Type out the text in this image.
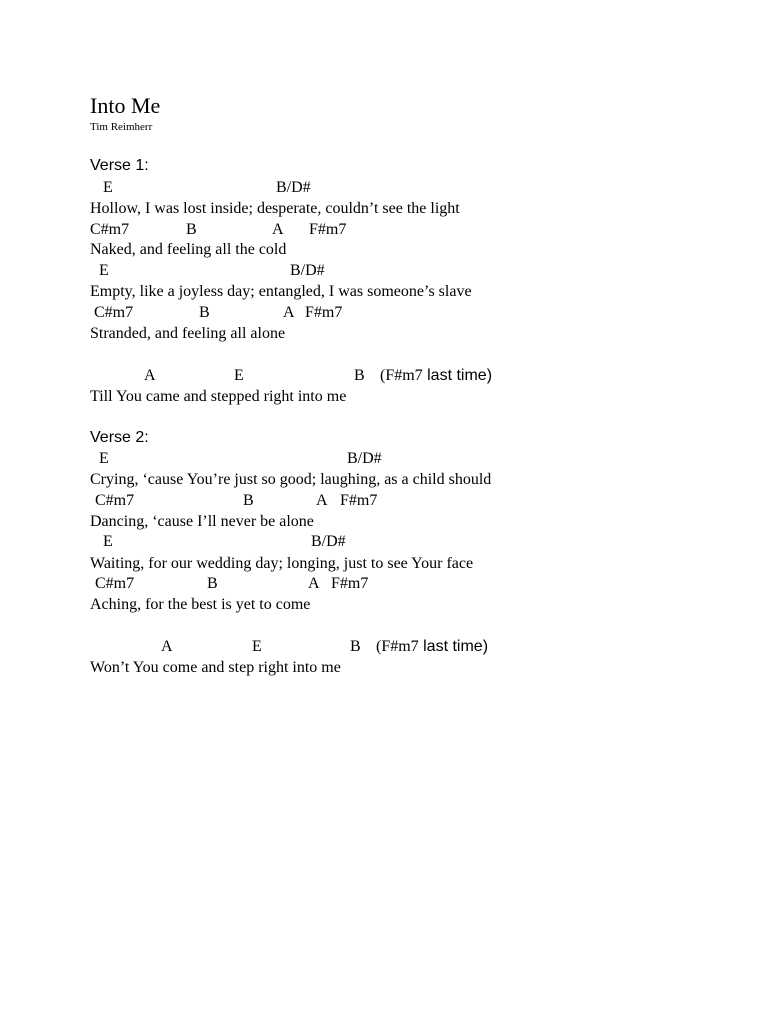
Into Me
Tim Reimherr
Verse 1:
E	B/D#
Hollow, I was lost inside; desperate, couldn’t see the light
C#m7	B	A F#m7
Naked, and feeling all the cold
E	B/D#
Empty, like a joyless day; entangled, I was someone’s slave
C#m7	B	A F#m7
Stranded, and feeling all alone
A	E	B (F#m7 last time)
Till You came and stepped right into me
Verse 2:
E	B/D#
Crying, ‘cause You’re just so good; laughing, as a child should
C#m7	B	A F#m7
Dancing, ‘cause I’ll never be alone
E	B/D#
Waiting, for our wedding day; longing, just to see Your face
C#m7	B	A F#m7
Aching, for the best is yet to come
A	E	B (F#m7 last time)
Won’t You come and step right into me
